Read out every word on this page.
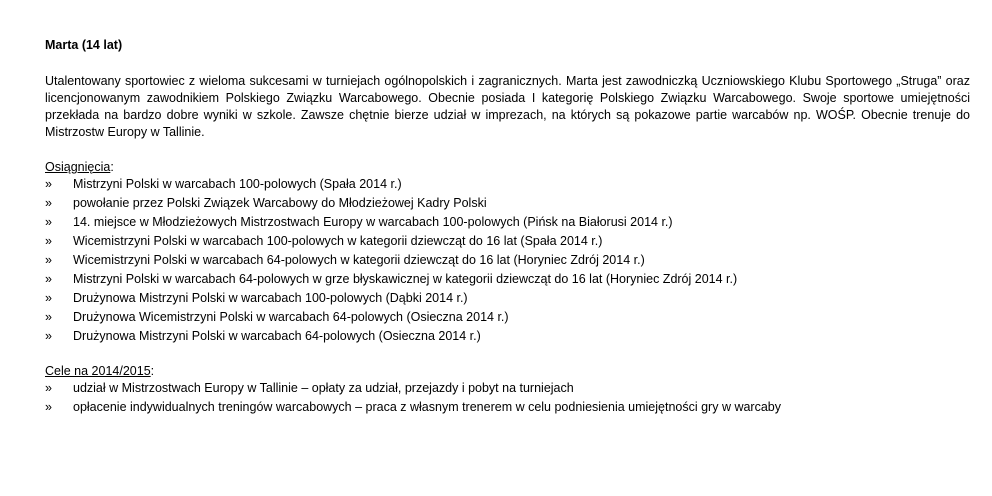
Marta (14 lat)

Utalentowany sportowiec z wieloma sukcesami w turniejach ogólnopolskich i zagranicznych. Marta jest zawodniczką Uczniowskiego Klubu Sportowego „Struga” oraz licencjonowanym zawodnikiem Polskiego Związku Warcabowego. Obecnie posiada I kategorię Polskiego Związku Warcabowego. Swoje sportowe umiejętności przekłada na bardzo dobre wyniki w szkole. Zawsze chętnie bierze udział w imprezach, na których są pokazowe partie warcabów np. WOŚP. Obecnie trenuje do Mistrzostw Europy w Tallinie.

Osiągnięcia:
» Mistrzyni Polski w warcabach 100-polowych (Spała 2014 r.)
» powołanie przez Polski Związek Warcabowy do Młodzieżowej Kadry Polski
» 14. miejsce w Młodzieżowych Mistrzostwach Europy w warcabach 100-polowych (Pińsk na Białorusi 2014 r.)
» Wicemistrzyni Polski w warcabach 100-polowych w kategorii dziewcząt do 16 lat (Spała 2014 r.)
» Wicemistrzyni Polski w warcabach 64-polowych w kategorii dziewcząt do 16 lat (Horyniec Zdrój 2014 r.)
» Mistrzyni Polski w warcabach 64-polowych w grze błyskawicznej w kategorii dziewcząt do 16 lat (Horyniec Zdrój 2014 r.)
» Drużynowa Mistrzyni Polski w warcabach 100-polowych (Dąbki 2014 r.)
» Drużynowa Wicemistrzyni Polski w warcabach 64-polowych (Osieczna 2014 r.)
» Drużynowa Mistrzyni Polski w warcabach 64-polowych (Osieczna 2014 r.)
Cele na 2014/2015:
» udział w Mistrzostwach Europy w Tallinie – opłaty za udział, przejazdy i pobyt na turniejach
» opłacenie indywidualnych treningów warcabowych – praca z własnym trenerem w celu podniesienia umiejętności gry w warcaby
